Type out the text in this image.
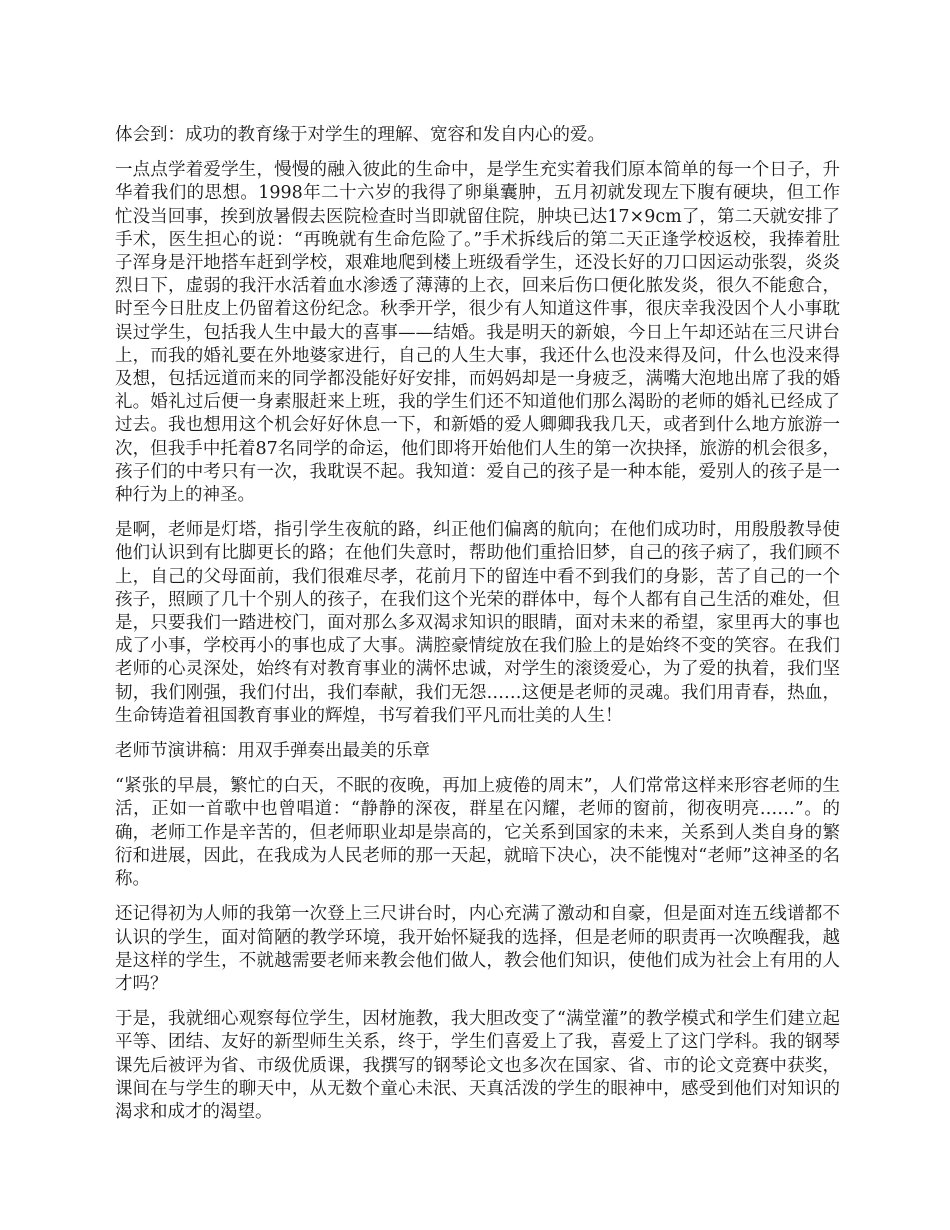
体会到：成功的教育缘于对学生的理解、宽容和发自内心的爱。

一点点学着爱学生，慢慢的融入彼此的生命中，是学生充实着我们原本简单的每一个日子，升华着我们的思想。1998年二十六岁的我得了卵巢囊肿，五月初就发现左下腹有硬块，但工作忙没当回事，挨到放暑假去医院检查时当即就留住院，肿块已达17×9cm了，第二天就安排了手术，医生担心的说：“再晚就有生命危险了。”手术拆线后的第二天正逢学校返校，我捧着肚子浑身是汗地搭车赶到学校，艰难地爬到楼上班级看学生，还没长好的刀口因运动张裂，炎炎烈日下，虚弱的我汗水活着血水渗透了薄薄的上衣，回来后伤口便化脓发炎，很久不能愈合，时至今日肚皮上仍留着这份纪念。秋季开学，很少有人知道这件事，很庆幸我没因个人小事耽误过学生，包括我人生中最大的喜事——结婚。我是明天的新娘，今日上午却还站在三尺讲台上，而我的婚礼要在外地婆家进行，自己的人生大事，我还什么也没来得及问，什么也没来得及想，包括远道而来的同学都没能好好安排，而妈妈却是一身疲乏，满嘴大泡地出席了我的婚礼。婚礼过后便一身素服赶来上班，我的学生们还不知道他们那么渴盼的老师的婚礼已经成了过去。我也想用这个机会好好休息一下，和新婚的爱人卿卿我我几天，或者到什么地方旅游一次，但我手中托着87名同学的命运，他们即将开始他们人生的第一次抉择，旅游的机会很多，孩子们的中考只有一次，我耽误不起。我知道：爱自己的孩子是一种本能，爱别人的孩子是一种行为上的神圣。

是啊，老师是灯塔，指引学生夜航的路，纠正他们偏离的航向；在他们成功时，用殷殷教导使他们认识到有比脚更长的路；在他们失意时，帮助他们重拾旧梦，自己的孩子病了，我们顾不上，自己的父母面前，我们很难尽孝，花前月下的留连中看不到我们的身影，苦了自己的一个孩子，照顾了几十个别人的孩子，在我们这个光荣的群体中，每个人都有自己生活的难处，但是，只要我们一踏进校门，面对那么多双渴求知识的眼睛，面对未来的希望，家里再大的事也成了小事，学校再小的事也成了大事。满腔豪情绽放在我们脸上的是始终不变的笑容。在我们老师的心灵深处，始终有对教育事业的满怀忠诚，对学生的滚烫爱心，为了爱的执着，我们坚韧，我们刚强，我们付出，我们奉献，我们无怨……这便是老师的灵魂。我们用青春，热血，生命铸造着祖国教育事业的辉煌，书写着我们平凡而壮美的人生！

老师节演讲稿：用双手弹奏出最美的乐章

“紧张的早晨，繁忙的白天，不眠的夜晚，再加上疲倦的周末”，人们常常这样来形容老师的生活，正如一首歌中也曾唱道：“静静的深夜，群星在闪耀，老师的窗前，彻夜明亮……”。的确，老师工作是辛苦的，但老师职业却是崇高的，它关系到国家的未来，关系到人类自身的繁衍和进展，因此，在我成为人民老师的那一天起，就暗下决心，决不能愧对“老师”这神圣的名称。

还记得初为人师的我第一次登上三尺讲台时，内心充满了激动和自豪，但是面对连五线谱都不认识的学生，面对简陋的教学环境，我开始怀疑我的选择，但是老师的职责再一次唤醒我，越是这样的学生，不就越需要老师来教会他们做人，教会他们知识，使他们成为社会上有用的人才吗？

于是，我就细心观察每位学生，因材施教，我大胆改变了“满堂灌”的教学模式和学生们建立起平等、团结、友好的新型师生关系，终于，学生们喜爱上了我，喜爱上了这门学科。我的钢琴课先后被评为省、市级优质课，我撰写的钢琴论文也多次在国家、省、市的论文竞赛中获奖，课间在与学生的聊天中，从无数个童心未泯、天真活泼的学生的眼神中，感受到他们对知识的渴求和成才的渴望。
